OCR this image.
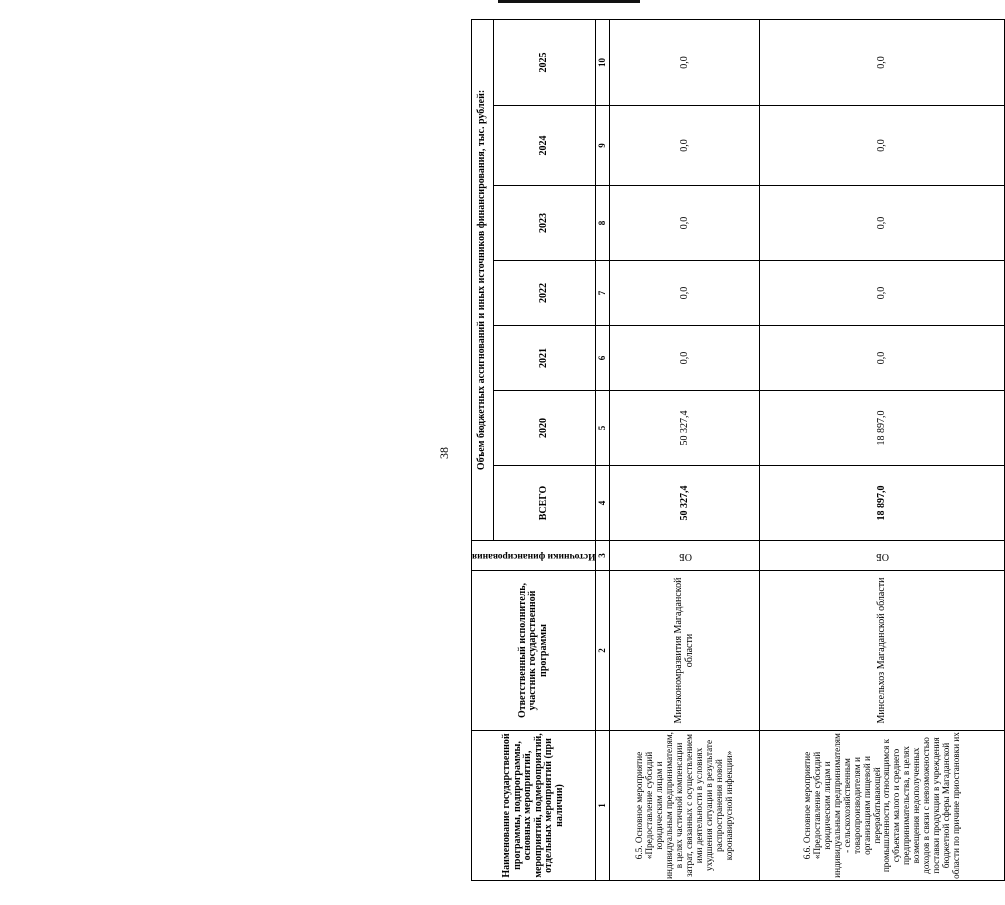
38
Наименование государственной программы, подпрограммы, основных мероприятий, мероприятий, подмероприятий, отдельных мероприятий (при наличии)	Ответственный исполнитель, участник государственной программы	Источники финансирования	Объем бюджетных ассигнований и иных источников финансирования, тыс. рублей:						
			ВСЕГО	2020	2021	2022	2023	2024	2025
1	2	3	4	5	6	7	8	9	10
6.5. Основное мероприятие «Предоставление субсидий юридическим лицам и индивидуальным предпринимателям, в целях частичной компенсации затрат, связанных с осуществлением ими деятельности в условиях ухудшения ситуации в результате распространения новой коронавирусной инфекции»	Минэкономразвития Магаданской области	ОБ	50 327,4	50 327,4	0,0	0,0	0,0	0,0	0,0
6.6. Основное мероприятие «Предоставление субсидий юридическим лицам и индивидуальным предпринимателям - сельскохозяйственным товаропроизводителям и организациям пищевой и перерабатывающей промышленности, относящимся к субъектам малого и среднего предпринимательства, в целях возмещения недополученных доходов в связи с невозможностью поставки продукции в учреждения бюджетной сферы Магаданской области по причине приостановки их	Минсельхоз Магаданской области	ОБ	18 897,0	18 897,0	0,0	0,0	0,0	0,0	0,0
